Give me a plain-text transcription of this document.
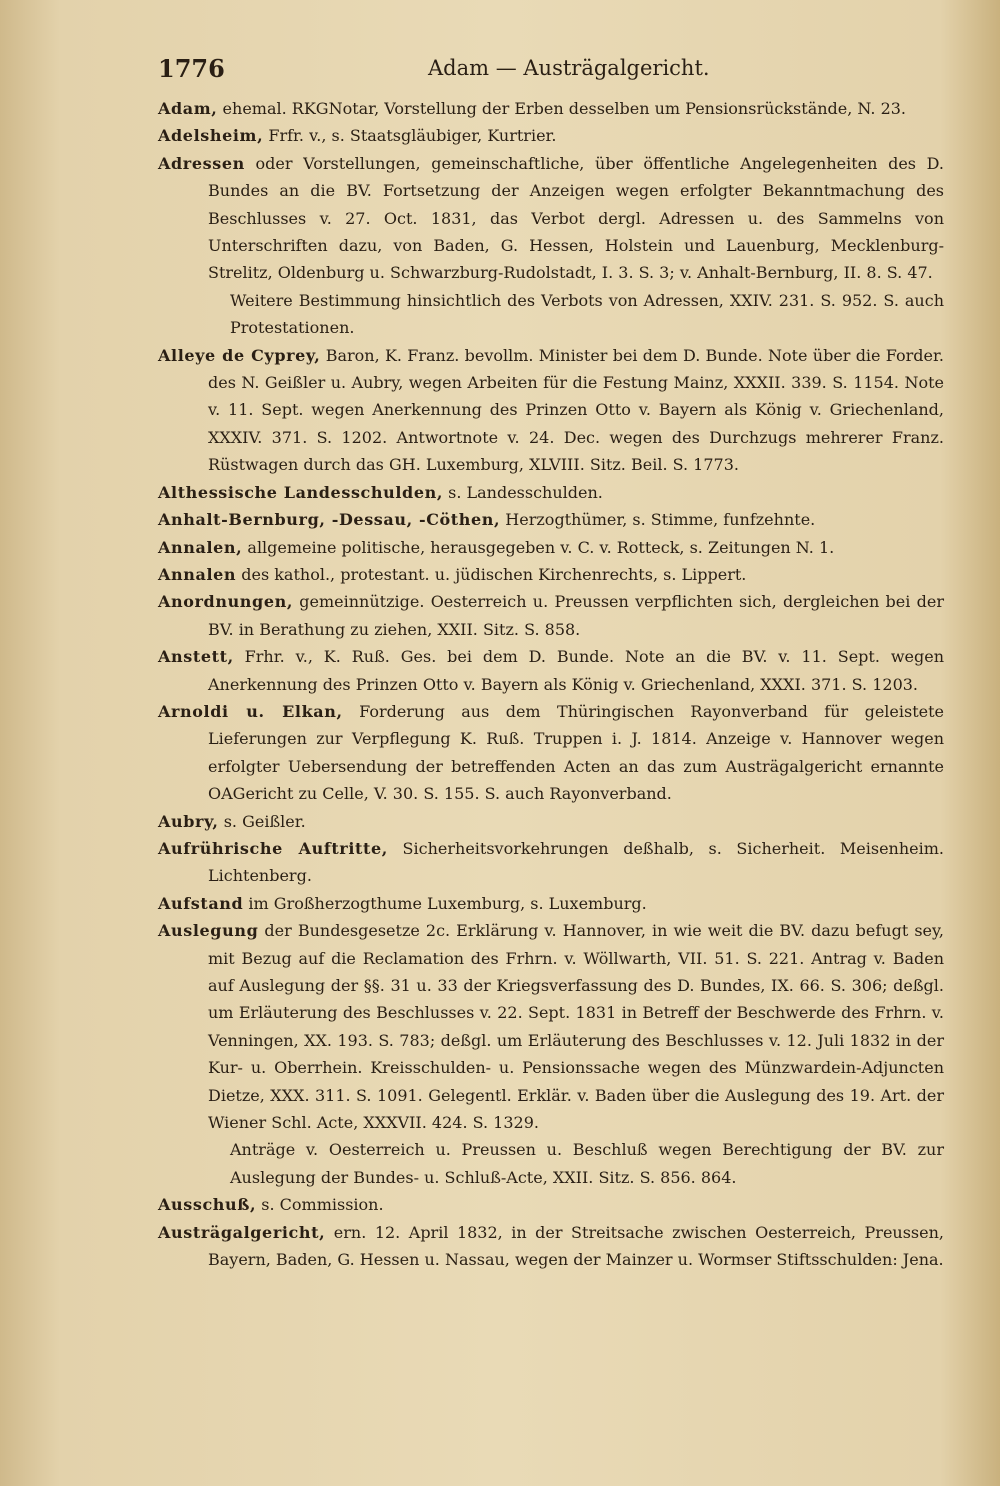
1776	Adam — Austrägalgericht.

Adam, ehemal. RKGNotar, Vorstellung der Erben desselben um Pensionsrückstände, N. 23.

Adelsheim, Frfr. v., s. Staatsgläubiger, Kurtrier.

Adressen oder Vorstellungen, gemeinschaftliche, über öffentliche Angelegenheiten des D. Bundes an die BV. Fortsetzung der Anzeigen wegen erfolgter Bekanntmachung des Beschlusses v. 27. Oct. 1831, das Verbot dergl. Adressen u. des Sammelns von Unterschriften dazu, von Baden, G. Hessen, Holstein und Lauenburg, Mecklenburg-Strelitz, Oldenburg u. Schwarzburg-Rudolstadt, I. 3. S. 3; v. Anhalt-Bernburg, II. 8. S. 47.

Weitere Bestimmung hinsichtlich des Verbots von Adressen, XXIV. 231. S. 952. S. auch Protestationen.

Alleye de Cyprey, Baron, K. Franz. bevollm. Minister bei dem D. Bunde. Note über die Forder. des N. Geißler u. Aubry, wegen Arbeiten für die Festung Mainz, XXXII. 339. S. 1154. Note v. 11. Sept. wegen Anerkennung des Prinzen Otto v. Bayern als König v. Griechenland, XXXIV. 371. S. 1202. Antwortnote v. 24. Dec. wegen des Durchzugs mehrerer Franz. Rüstwagen durch das GH. Luxemburg, XLVIII. Sitz. Beil. S. 1773.

Althessische Landesschulden, s. Landesschulden.

Anhalt-Bernburg, -Dessau, -Cöthen, Herzogthümer, s. Stimme, funfzehnte.

Annalen, allgemeine politische, herausgegeben v. C. v. Rotteck, s. Zeitungen N. 1.

Annalen des kathol., protestant. u. jüdischen Kirchenrechts, s. Lippert.

Anordnungen, gemeinnützige. Oesterreich u. Preussen verpflichten sich, dergleichen bei der BV. in Berathung zu ziehen, XXII. Sitz. S. 858.

Anstett, Frhr. v., K. Ruß. Ges. bei dem D. Bunde. Note an die BV. v. 11. Sept. wegen Anerkennung des Prinzen Otto v. Bayern als König v. Griechenland, XXXI. 371. S. 1203.

Arnoldi u. Elkan, Forderung aus dem Thüringischen Rayonverband für geleistete Lieferungen zur Verpflegung K. Ruß. Truppen i. J. 1814. Anzeige v. Hannover wegen erfolgter Uebersendung der betreffenden Acten an das zum Austrägalgericht ernannte OAGericht zu Celle, V. 30. S. 155. S. auch Rayonverband.

Aubry, s. Geißler.

Aufrührische Auftritte, Sicherheitsvorkehrungen deßhalb, s. Sicherheit. Meisenheim. Lichtenberg.

Aufstand im Großherzogthume Luxemburg, s. Luxemburg.

Auslegung der Bundesgesetze 2c. Erklärung v. Hannover, in wie weit die BV. dazu befugt sey, mit Bezug auf die Reclamation des Frhrn. v. Wöllwarth, VII. 51. S. 221. Antrag v. Baden auf Auslegung der §§. 31 u. 33 der Kriegsverfassung des D. Bundes, IX. 66. S. 306; deßgl. um Erläuterung des Beschlusses v. 22. Sept. 1831 in Betreff der Beschwerde des Frhrn. v. Venningen, XX. 193. S. 783; deßgl. um Erläuterung des Beschlusses v. 12. Juli 1832 in der Kur- u. Oberrhein. Kreisschulden- u. Pensionssache wegen des Münzwardein-Adjuncten Dietze, XXX. 311. S. 1091. Gelegentl. Erklär. v. Baden über die Auslegung des 19. Art. der Wiener Schl. Acte, XXXVII. 424. S. 1329.

Anträge v. Oesterreich u. Preussen u. Beschluß wegen Berechtigung der BV. zur Auslegung der Bundes- u. Schluß-Acte, XXII. Sitz. S. 856. 864.

Ausschuß, s. Commission.

Austrägalgericht, ern. 12. April 1832, in der Streitsache zwischen Oesterreich, Preussen, Bayern, Baden, G. Hessen u. Nassau, wegen der Mainzer u. Wormser Stiftsschulden: Jena.
